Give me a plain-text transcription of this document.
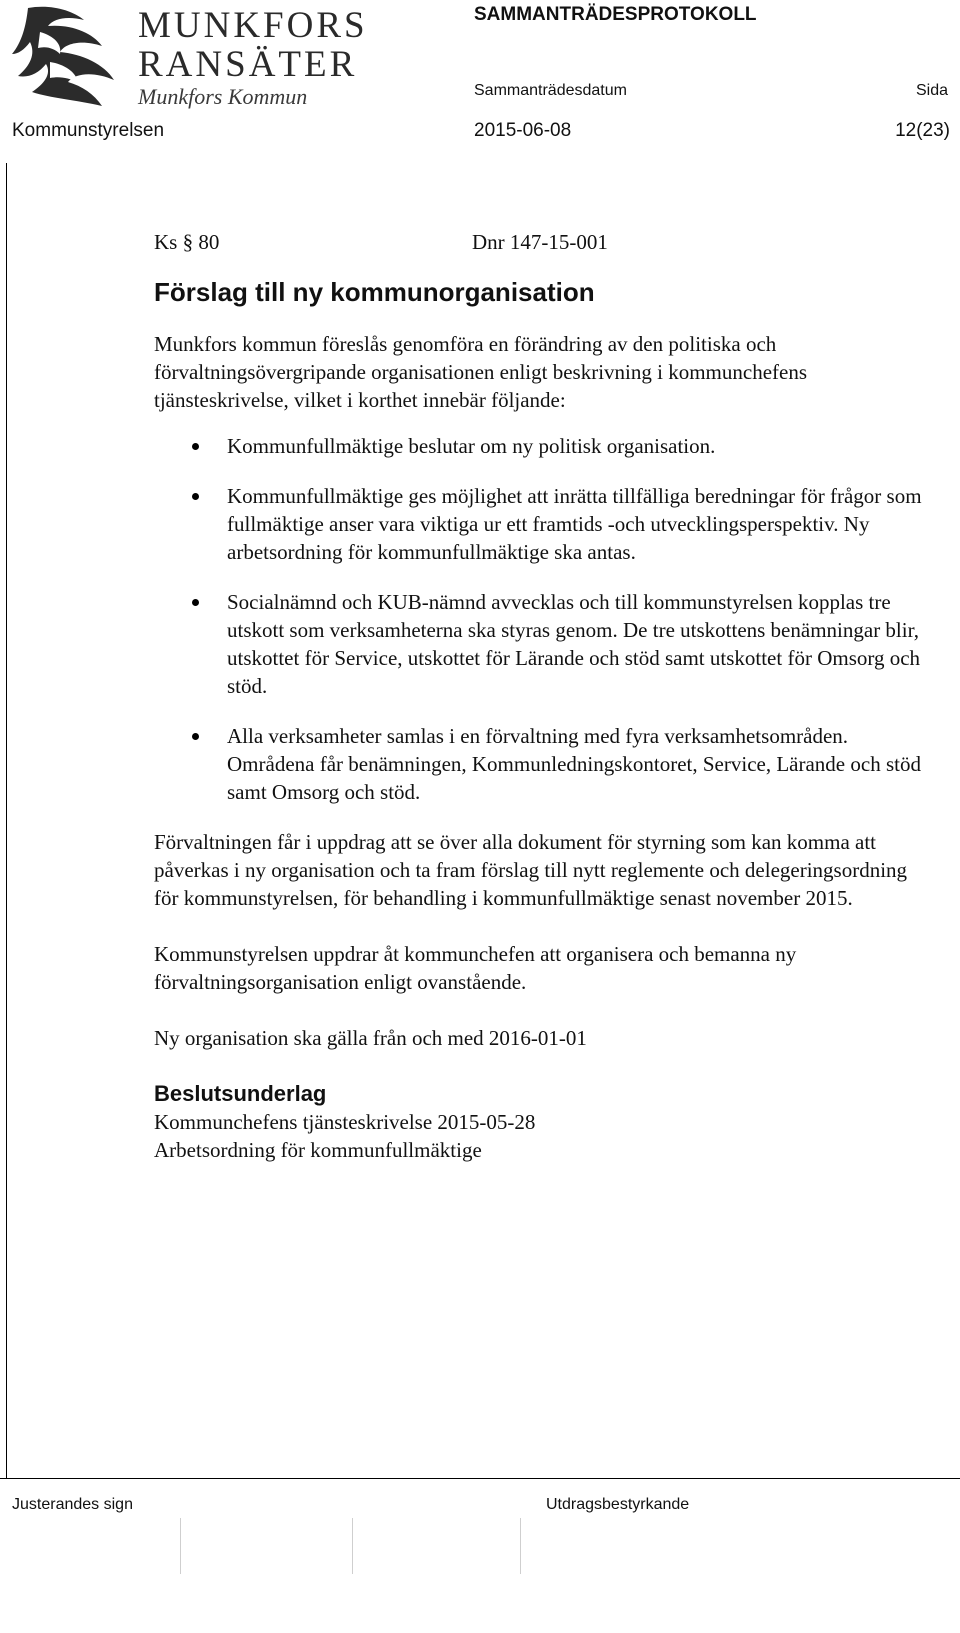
MUNKFORS
RANSÄTER
Munkfors Kommun
SAMMANTRÄDESPROTOKOLL
Sammanträdesdatum	Sida
Kommunstyrelsen	2015-06-08	12(23)
Ks § 80	Dnr 147-15-001
Förslag till ny kommunorganisation

Munkfors kommun föreslås genomföra en förändring av den politiska och förvaltningsövergripande organisationen enligt beskrivning i kommunchefens tjänsteskrivelse, vilket i korthet innebär följande:

Kommunfullmäktige beslutar om ny politisk organisation.
Kommunfullmäktige ges möjlighet att inrätta tillfälliga beredningar för frågor som fullmäktige anser vara viktiga ur ett framtids -och utvecklingsperspektiv. Ny arbetsordning för kommunfullmäktige ska antas.
Socialnämnd och KUB-nämnd avvecklas och till kommunstyrelsen kopplas tre utskott som verksamheterna ska styras genom. De tre utskottens benämningar blir, utskottet för Service, utskottet för Lärande och stöd samt utskottet för Omsorg och stöd.
Alla verksamheter samlas i en förvaltning med fyra verksamhetsområden. Områdena får benämningen, Kommunledningskontoret, Service, Lärande och stöd samt Omsorg och stöd.

Förvaltningen får i uppdrag att se över alla dokument för styrning som kan komma att påverkas i ny organisation och ta fram förslag till nytt reglemente och delegeringsordning för kommunstyrelsen, för behandling i kommunfullmäktige senast november 2015.

Kommunstyrelsen uppdrar åt kommunchefen att organisera och bemanna ny förvaltningsorganisation enligt ovanstående.

Ny organisation ska gälla från och med 2016-01-01

Beslutsunderlag

Kommunchefens tjänsteskrivelse 2015-05-28

Arbetsordning för kommunfullmäktige

Justerandes sign	Utdragsbestyrkande
